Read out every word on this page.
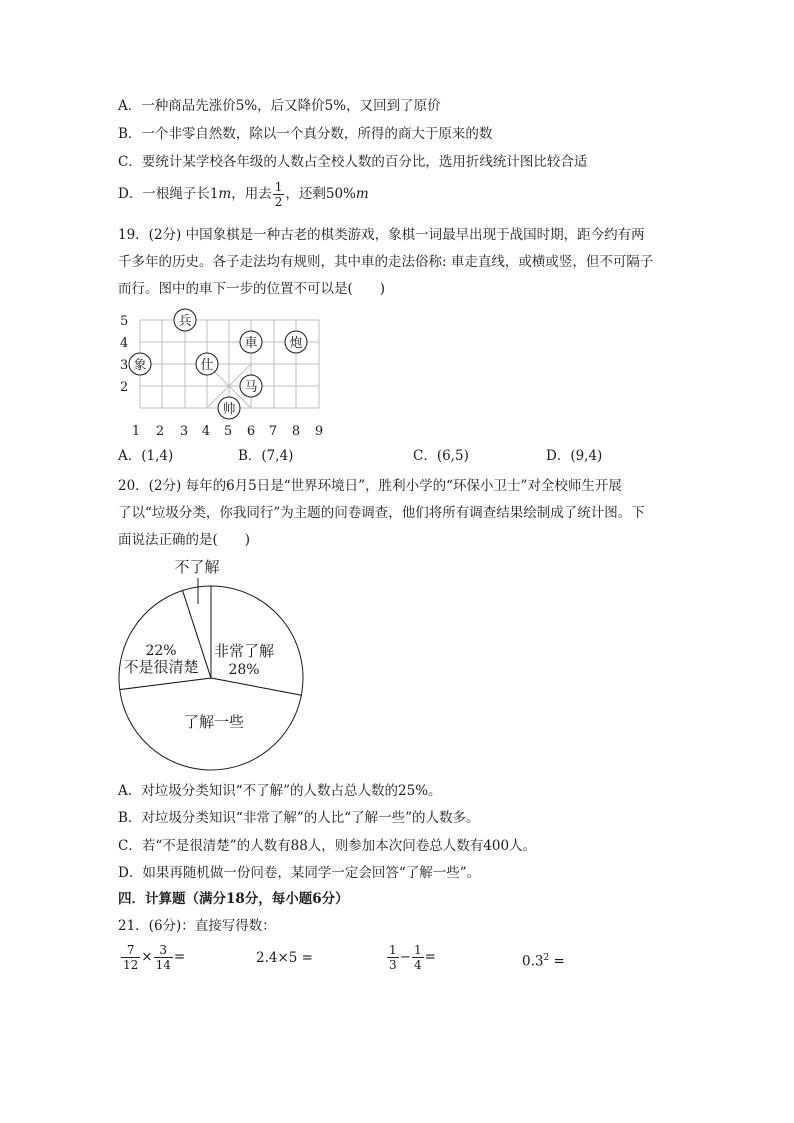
A．一种商品先涨价5%，后又降价5%，又回到了原价
B．一个非零自然数，除以一个真分数，所得的商大于原来的数
C．要统计某学校各年级的人数占全校人数的百分比，选用折线统计图比较合适
D．一根绳子长1m，用去 $\frac{1}{2}$ ，还剩50%m
19．(2分) 中国象棋是一种古老的棋类游戏，象棋一词最早出现于战国时期，距今约有两
千多年的历史。各子走法均有规则，其中車的走法俗称: 車走直线，或横或竖，但不可隔子
而行。图中的車下一步的位置不可以是(　　)
5
4
3
2
1 2 3 4 5 6 7 8 9
兵
車 炮
象	仕
马
帅
A．(1,4)	B．(7,4)	C．(6,5)	D．(9,4)
20．(2分) 每年的6月5日是“世界环境日”，胜利小学的“环保小卫士”对全校师生开展
了以“垃圾分类，你我同行”为主题的问卷调查，他们将所有调查结果绘制成了统计图。下
面说法正确的是(　　)
非常了解
28%
了解一些
22%
不是很清楚
不了解
A．对垃圾分类知识“不了解”的人数占总人数的25%。
B．对垃圾分类知识“非常了解”的人比“了解一些”的人数多。
C．若“不是很清楚”的人数有88人，则参加本次问卷总人数有400人。
D．如果再随机做一份问卷，某同学一定会回答“了解一些”。
四．计算题（满分18分，每小题6分）
21．(6分)：直接写得数：
$\frac{7}{12} \times \frac{3}{14}$ =	2.4×5 =	$\frac{1}{3} - \frac{1}{4}$ =	$0.3^2$ =
